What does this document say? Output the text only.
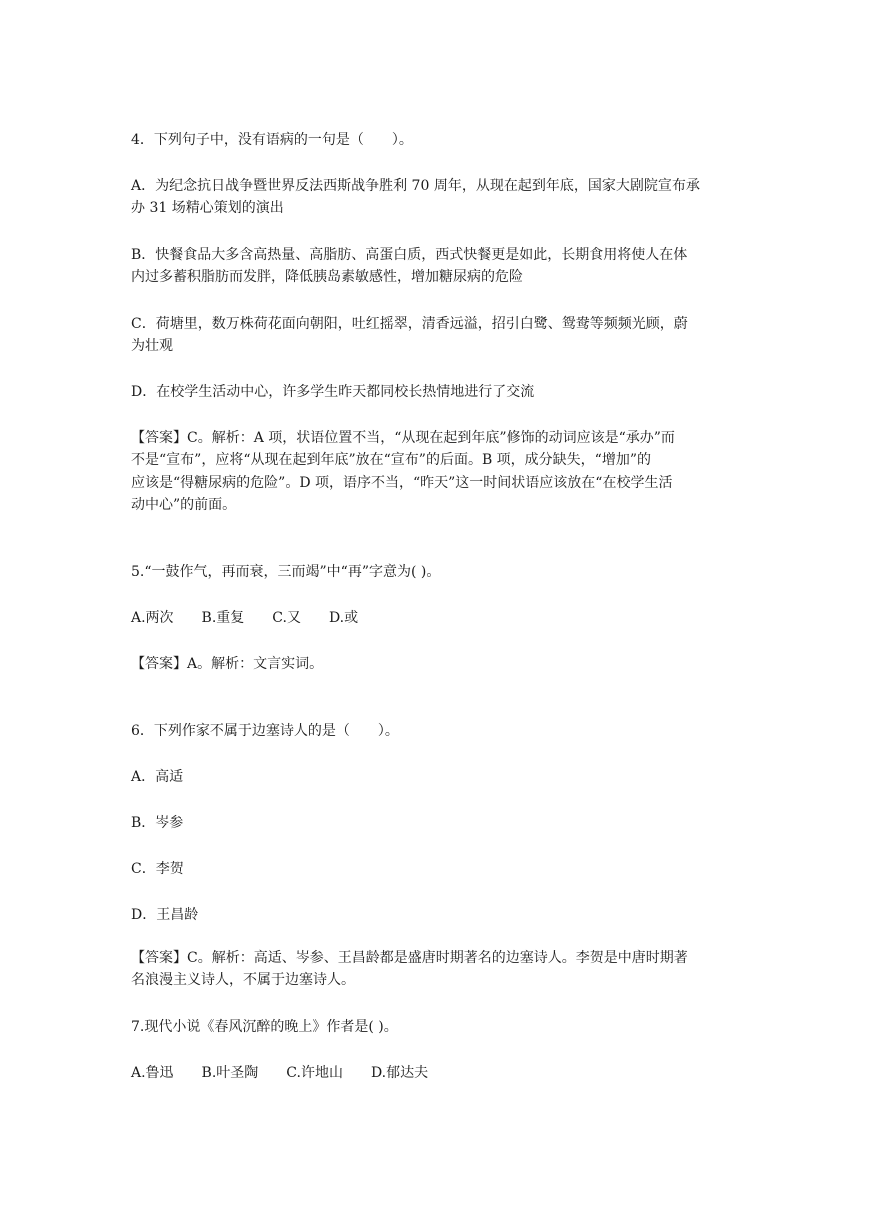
4．下列句子中，没有语病的一句是（　　）。
A．为纪念抗日战争暨世界反法西斯战争胜利 70 周年，从现在起到年底，国家大剧院宣布承
办 31 场精心策划的演出
B．快餐食品大多含高热量、高脂肪、高蛋白质，西式快餐更是如此，长期食用将使人在体
内过多蓄积脂肪而发胖，降低胰岛素敏感性，增加糖尿病的危险
C．荷塘里，数万株荷花面向朝阳，吐红摇翠，清香远溢，招引白鹭、鸳鸯等频频光顾，蔚
为壮观
D．在校学生活动中心，许多学生昨天都同校长热情地进行了交流
【答案】C。解析：A 项，状语位置不当，“从现在起到年底”修饰的动词应该是“承办”而
不是“宣布”，应将“从现在起到年底”放在“宣布”的后面。B 项，成分缺失，“增加”的
应该是“得糖尿病的危险”。D 项，语序不当，“昨天”这一时间状语应该放在“在校学生活
动中心”的前面。
5.“一鼓作气，再而衰，三而竭”中“再”字意为( )。
A.两次　　B.重复　　C.又　　D.或
【答案】A。解析：文言实词。
6．下列作家不属于边塞诗人的是（　　）。
A．高适
B．岑参
C．李贺
D．王昌龄
【答案】C。解析：高适、岑参、王昌龄都是盛唐时期著名的边塞诗人。李贺是中唐时期著
名浪漫主义诗人，不属于边塞诗人。
7.现代小说《春风沉醉的晚上》作者是( )。
A.鲁迅　　B.叶圣陶　　C.许地山　　D.郁达夫
